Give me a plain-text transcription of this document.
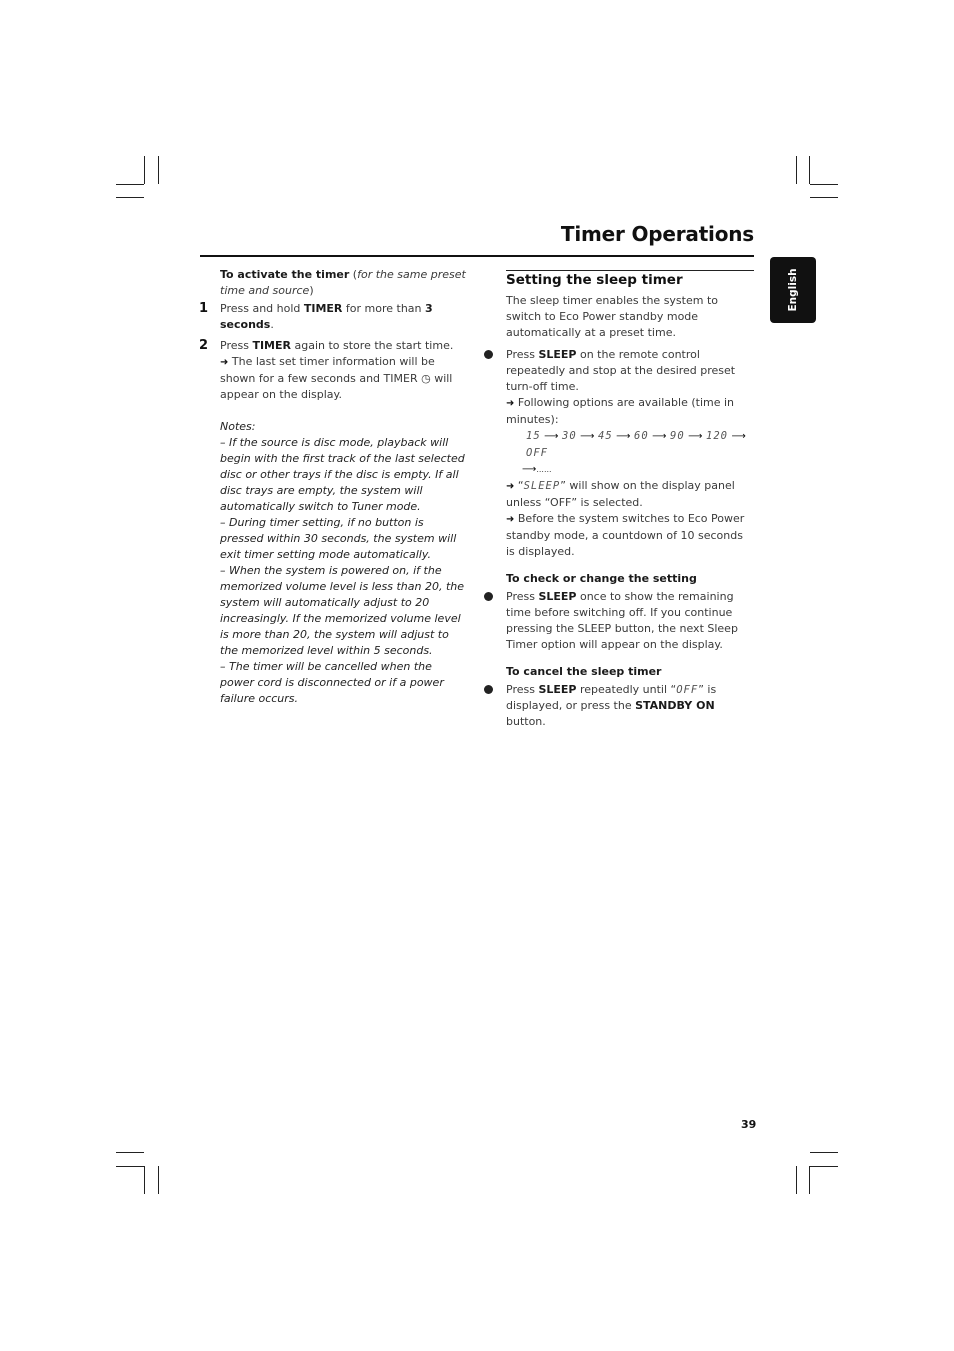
Timer Operations
English

To activate the timer (for the same preset time and source)

1 Press and hold TIMER for more than 3 seconds.

2 Press TIMER again to store the start time.
➜ The last set timer information will be shown for a few seconds and TIMER ◷ will appear on the display.

Notes:

– If the source is disc mode, playback will begin with the first track of the last selected disc or other trays if the disc is empty. If all disc trays are empty, the system will automatically switch to Tuner mode.

– During timer setting, if no button is pressed within 30 seconds, the system will exit timer setting mode automatically.

– When the system is powered on, if the memorized volume level is less than 20, the system will automatically adjust to 20 increasingly. If the memorized volume level is more than 20, the system will adjust to the memorized level within 5 seconds.

– The timer will be cancelled when the power cord is disconnected or if a power failure occurs.

Setting the sleep timer

The sleep timer enables the system to switch to Eco Power standby mode automatically at a preset time.

Press SLEEP on the remote control repeatedly and stop at the desired preset turn-off time.
➜ Following options are available (time in minutes):

15 ⟶ 30 ⟶ 45 ⟶ 60 ⟶ 90 ⟶ 120 ⟶ OFF

⟶......

➜ “SLEEP” will show on the display panel unless “OFF” is selected.

➜ Before the system switches to Eco Power standby mode, a countdown of 10 seconds is displayed.

To check or change the setting

Press SLEEP once to show the remaining time before switching off. If you continue pressing the SLEEP button, the next Sleep Timer option will appear on the display.

To cancel the sleep timer

Press SLEEP repeatedly until “OFF” is displayed, or press the STANDBY ON button.

39
